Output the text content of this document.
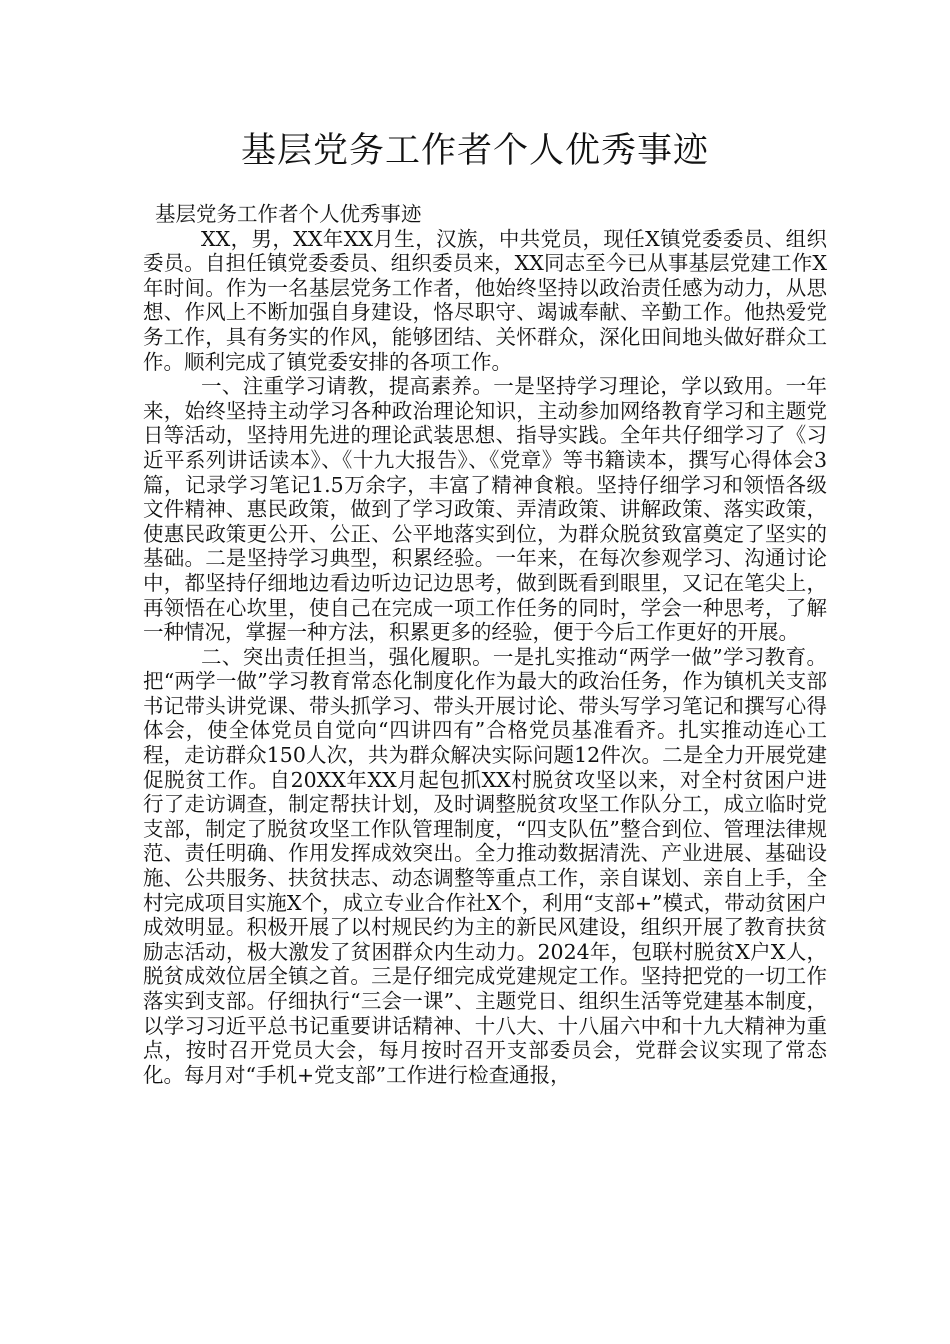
基层党务工作者个人优秀事迹

基层党务工作者个人优秀事迹

XX，男，XX年XX月生，汉族，中共党员，现任X镇党委委员、组织委员。自担任镇党委委员、组织委员来，XX同志至今已从事基层党建工作X年时间。作为一名基层党务工作者，他始终坚持以政治责任感为动力，从思想、作风上不断加强自身建设，恪尽职守、竭诚奉献、辛勤工作。他热爱党务工作，具有务实的作风，能够团结、关怀群众，深化田间地头做好群众工作。顺利完成了镇党委安排的各项工作。

一、注重学习请教，提高素养。一是坚持学习理论，学以致用。一年来，始终坚持主动学习各种政治理论知识，主动参加网络教育学习和主题党日等活动，坚持用先进的理论武装思想、指导实践。全年共仔细学习了《习近平系列讲话读本》、《十九大报告》、《党章》等书籍读本，撰写心得体会3篇，记录学习笔记1.5万余字，丰富了精神食粮。坚持仔细学习和领悟各级文件精神、惠民政策，做到了学习政策、弄清政策、讲解政策、落实政策，使惠民政策更公开、公正、公平地落实到位，为群众脱贫致富奠定了坚实的基础。二是坚持学习典型，积累经验。一年来，在每次参观学习、沟通讨论中，都坚持仔细地边看边听边记边思考，做到既看到眼里，又记在笔尖上，再领悟在心坎里，使自己在完成一项工作任务的同时，学会一种思考，了解一种情况，掌握一种方法，积累更多的经验，便于今后工作更好的开展。

二、突出责任担当，强化履职。一是扎实推动“两学一做”学习教育。把“两学一做”学习教育常态化制度化作为最大的政治任务，作为镇机关支部书记带头讲党课、带头抓学习、带头开展讨论、带头写学习笔记和撰写心得体会，使全体党员自觉向“四讲四有”合格党员基准看齐。扎实推动连心工程，走访群众150人次，共为群众解决实际问题12件次。二是全力开展党建促脱贫工作。自20XX年XX月起包抓XX村脱贫攻坚以来，对全村贫困户进行了走访调查，制定帮扶计划，及时调整脱贫攻坚工作队分工，成立临时党支部，制定了脱贫攻坚工作队管理制度，“四支队伍”整合到位、管理法律规范、责任明确、作用发挥成效突出。全力推动数据清洗、产业进展、基础设施、公共服务、扶贫扶志、动态调整等重点工作，亲自谋划、亲自上手，全村完成项目实施X个，成立专业合作社X个，利用“支部+”模式，带动贫困户成效明显。积极开展了以村规民约为主的新民风建设，组织开展了教育扶贫励志活动，极大激发了贫困群众内生动力。2024年，包联村脱贫X户X人，脱贫成效位居全镇之首。三是仔细完成党建规定工作。坚持把党的一切工作落实到支部。仔细执行“三会一课”、主题党日、组织生活等党建基本制度，以学习习近平总书记重要讲话精神、十八大、十八届六中和十九大精神为重点，按时召开党员大会，每月按时召开支部委员会，党群会议实现了常态化。每月对“手机+党支部”工作进行检查通报，
